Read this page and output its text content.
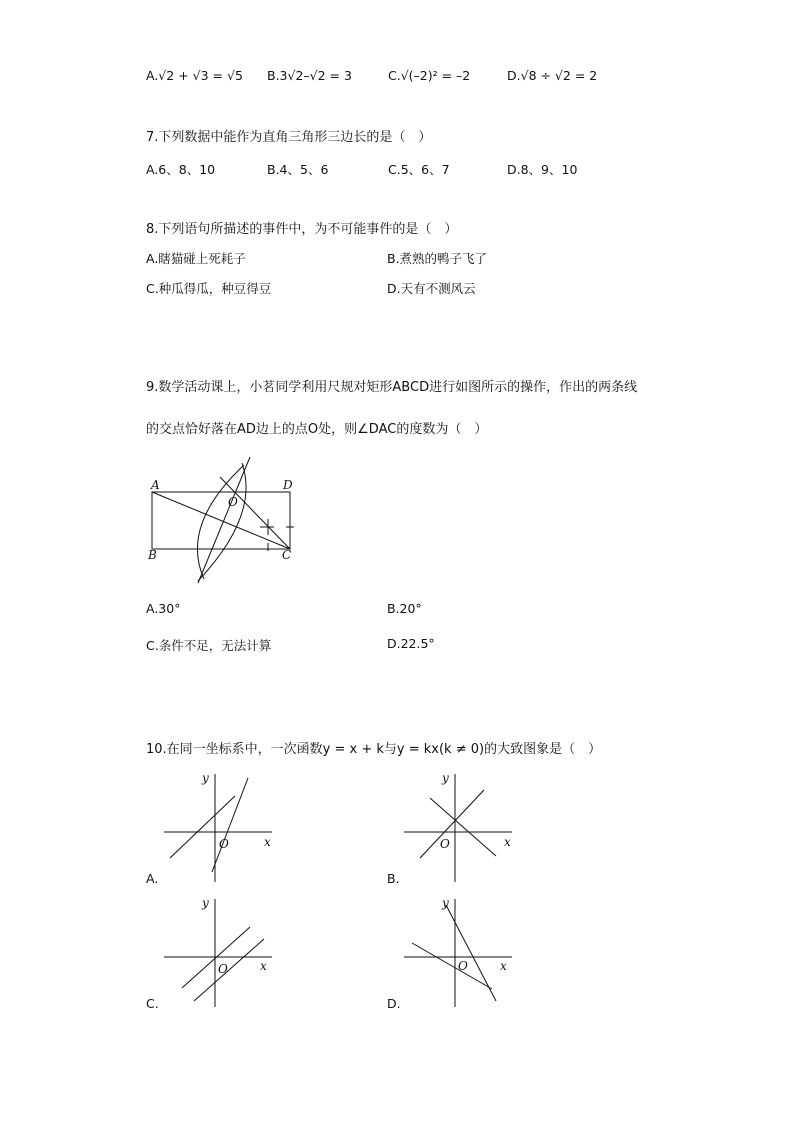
A.√2 + √3 = √5 B.3√2–√2 = 3	C.√(–2)² = –2	D.√8 ÷ √2 = 2
7.下列数据中能作为直角三角形三边长的是（　）
A.6、8、10	B.4、5、6	C.5、6、7	D.8、9、10
8.下列语句所描述的事件中，为不可能事件的是（　）
A.瞎猫碰上死耗子	B.煮熟的鸭子飞了
C.种瓜得瓜，种豆得豆	D.天有不测风云
9.数学活动课上，小茗同学利用尺规对矩形ABCD进行如图所示的操作，作出的两条线
的交点恰好落在AD边上的点O处，则∠DAC的度数为（　）
A	D
B	C
O
A.30°	B.20°
C.条件不足，无法计算	D.22.5°
10.在同一坐标系中，一次函数y = x + k与y = kx(k ≠ 0)的大致图象是（　）
y
x
O
A.
y
x
O
B.
y
x
O
C.
y
x
O
D.
